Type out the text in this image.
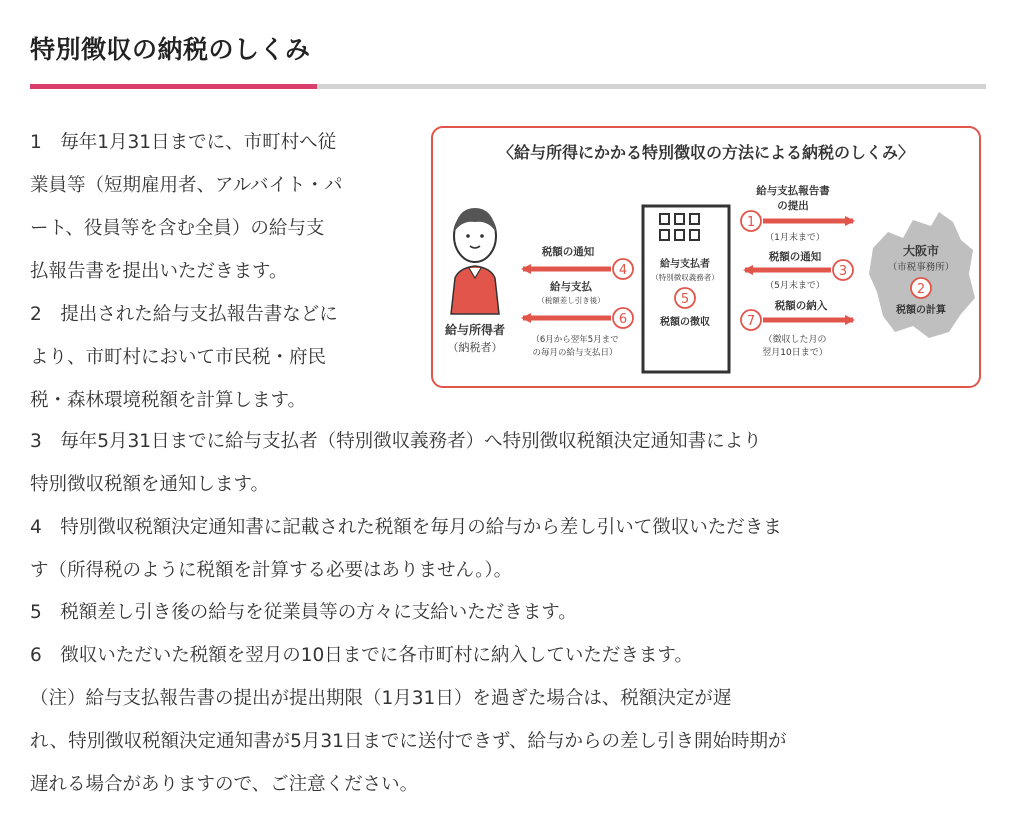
特別徴収の納税のしくみ
1　毎年1月31日までに、市町村へ従
業員等（短期雇用者、アルバイト・パ
ート、役員等を含む全員）の給与支
払報告書を提出いただきます。
2　提出された給与支払報告書などに
より、市町村において市民税・府民
税・森林環境税額を計算します。
3　毎年5月31日までに給与支払者（特別徴収義務者）へ特別徴収税額決定通知書により
特別徴収税額を通知します。
4　特別徴収税額決定通知書に記載された税額を毎月の給与から差し引いて徴収いただきま
す（所得税のように税額を計算する必要はありません。）。
5　税額差し引き後の給与を従業員等の方々に支給いただきます。
6　徴収いただいた税額を翌月の10日までに各市町村に納入していただきます。
（注）給与支払報告書の提出が提出期限（1月31日）を過ぎた場合は、税額決定が遅
れ、特別徴収税額決定通知書が5月31日までに送付できず、給与からの差し引き開始時期が
遅れる場合がありますので、ご注意ください。
〈給与所得にかかる特別徴収の方法による納税のしくみ〉
給与所得者
（納税者）
給与支払者
（特別徴収義務者）
5
税額の徴収
大阪市
（市税事務所）
2
税額の計算
給与支払報告書
の提出
1
（1月末まで）
税額の通知
3
（5月末まで）
税額の納入
7
（徴収した月の
翌月10日まで）
税額の通知
4
給与支払
（税額差し引き後）
6
（6月から翌年5月まで
の毎月の給与支払日）
